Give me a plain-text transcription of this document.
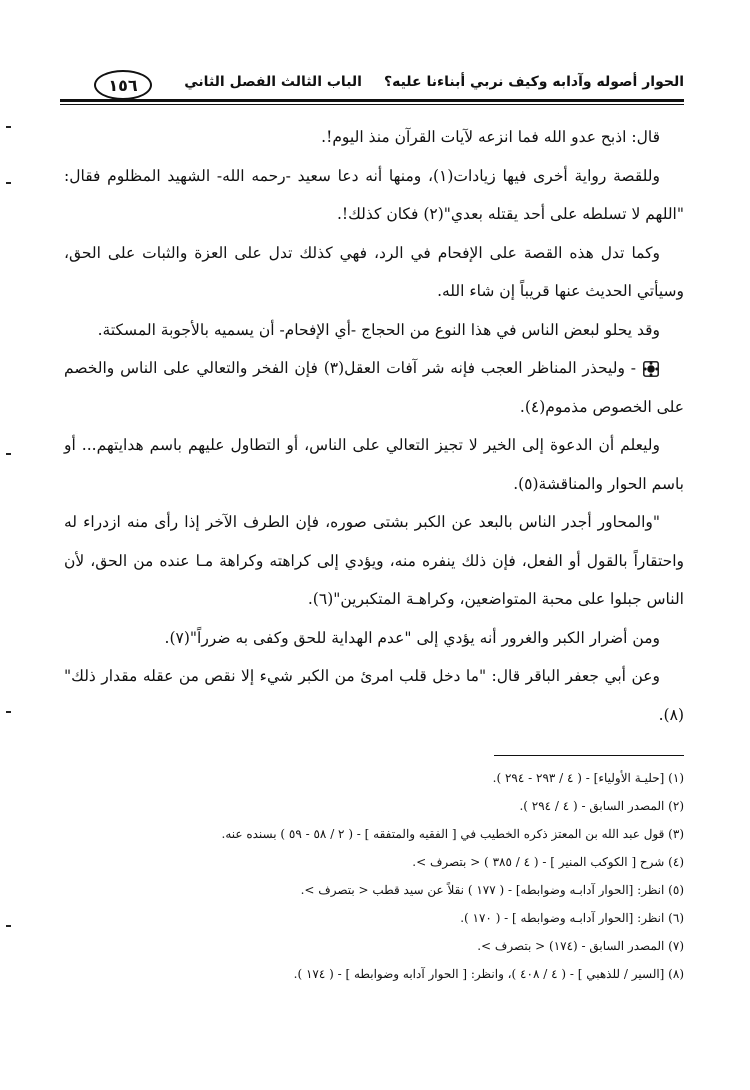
الحوار أصوله وآدابه وكيف نربي أبناءنا عليه؟الباب الثالث الفصل الثاني
١٥٦

قال: اذبح عدو الله فما انزعه لآيات القرآن منذ اليوم!.

وللقصة رواية أخرى فيها زيادات(١)، ومنها أنه دعا سعيد -رحمه الله- الشهيد المظلوم فقال: "اللهم لا تسلطه على أحد يقتله بعدي"(٢) فكان كذلك!.

وكما تدل هذه القصة على الإفحام في الرد، فهي كذلك تدل على العزة والثبات على الحق، وسيأتي الحديث عنها قريباً إن شاء الله.

وقد يحلو لبعض الناس في هذا النوع من الحجاج -أي الإفحام- أن يسميه بالأجوبة المسكتة.

- وليحذر المناظر العجب فإنه شر آفات العقل(٣) فإن الفخر والتعالي على الناس والخصم على الخصوص مذموم(٤).

وليعلم أن الدعوة إلى الخير لا تجيز التعالي على الناس، أو التطاول عليهم باسم هدايتهم... أو باسم الحوار والمناقشة(٥).

"والمحاور أجدر الناس بالبعد عن الكبر بشتى صوره، فإن الطرف الآخر إذا رأى منه ازدراء له واحتقاراً بالقول أو الفعل، فإن ذلك ينفره منه، ويؤدي إلى كراهته وكراهة مـا عنده من الحق، لأن الناس جبلوا على محبة المتواضعين، وكراهـة المتكبرين"(٦).

ومن أضرار الكبر والغرور أنه يؤدي إلى "عدم الهداية للحق وكفى به ضرراً"(٧).

وعن أبي جعفر الباقر قال: "ما دخل قلب امرئ من الكبر شيء إلا نقص من عقله مقدار ذلك"(٨).

(١) [حليـة الأولياء] - ( ٤ / ٢٩٣ - ٢٩٤ ).
(٢) المصدر السابق - ( ٤ / ٢٩٤ ).
(٣) قول عبد الله بن المعتز ذكره الخطيب في [ الفقيه والمتفقه ] - ( ٢ / ٥٨ - ٥٩ ) بسنده عنه.
(٤) شرح [ الكوكب المنير ] - ( ٤ / ٣٨٥ ) < بتصرف >.
(٥) انظر: [الحوار آدابـه وضوابطه] - ( ١٧٧ ) نقلاً عن سيد قطب < بتصرف >.
(٦) انظر: [الحوار آدابـه وضوابطه ] - ( ١٧٠ ).
(٧) المصدر السابق - (١٧٤) < بتصرف >.
(٨) [السير / للذهبي ] - ( ٤ / ٤٠٨ )، وانظر: [ الحوار آدابه وضوابطه ] - ( ١٧٤ ).
